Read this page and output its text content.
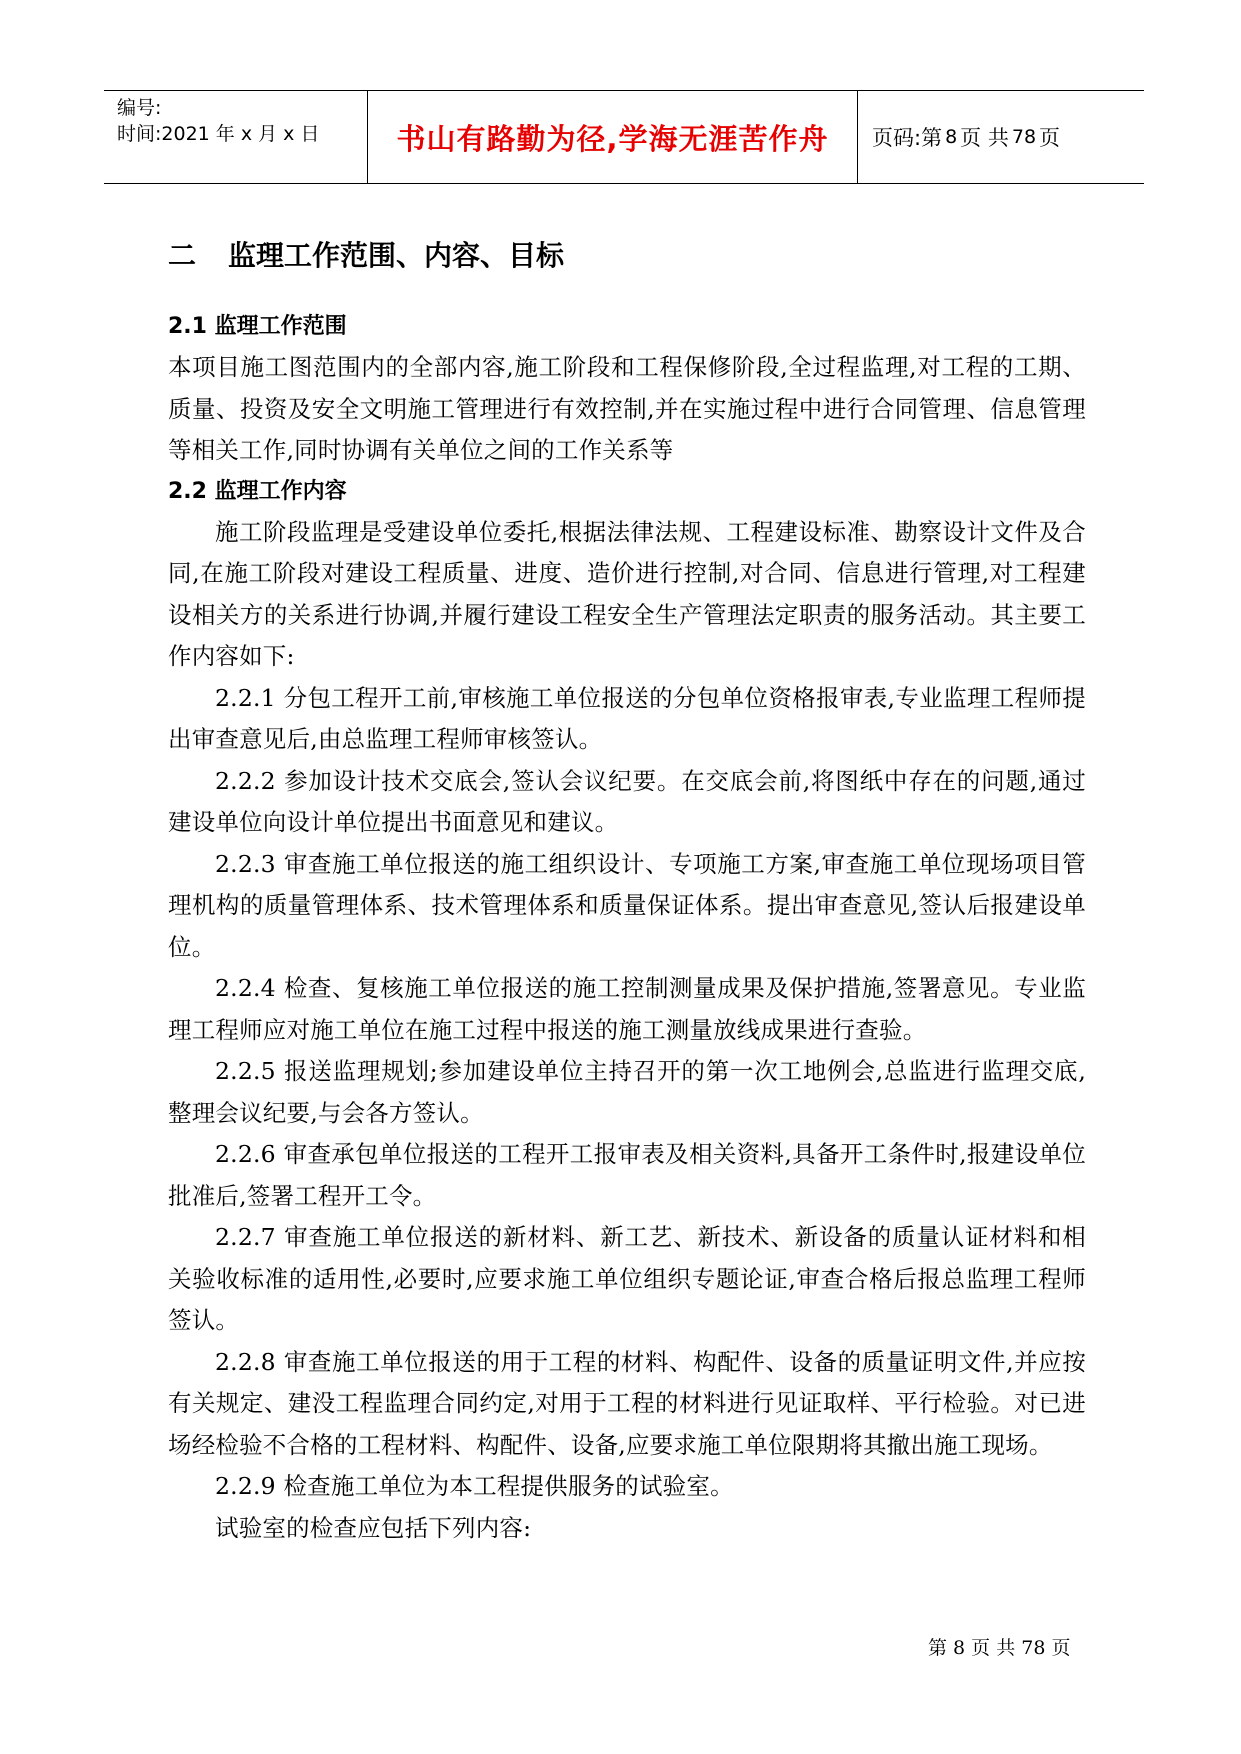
编号:
时间:2021 年 x 月 x 日	书山有路勤为径,学海无涯苦作舟 页码:第 8 页 共 78 页
二 监理工作范围、内容、目标
2.1 监理工作范围

本项目施工图范围内的全部内容,施工阶段和工程保修阶段,全过程监理,对工程的工期、质量、投资及安全文明施工管理进行有效控制,并在实施过程中进行合同管理、信息管理等相关工作,同时协调有关单位之间的工作关系等

2.2 监理工作内容

施工阶段监理是受建设单位委托,根据法律法规、工程建设标准、勘察设计文件及合同,在施工阶段对建设工程质量、进度、造价进行控制,对合同、信息进行管理,对工程建设相关方的关系进行协调,并履行建设工程安全生产管理法定职责的服务活动。其主要工作内容如下:

2.2.1 分包工程开工前,审核施工单位报送的分包单位资格报审表,专业监理工程师提出审查意见后,由总监理工程师审核签认。

2.2.2 参加设计技术交底会,签认会议纪要。在交底会前,将图纸中存在的问题,通过建设单位向设计单位提出书面意见和建议。

2.2.3 审查施工单位报送的施工组织设计、专项施工方案,审查施工单位现场项目管理机构的质量管理体系、技术管理体系和质量保证体系。提出审查意见,签认后报建设单位。

2.2.4 检查、复核施工单位报送的施工控制测量成果及保护措施,签署意见。专业监理工程师应对施工单位在施工过程中报送的施工测量放线成果进行查验。

2.2.5 报送监理规划;参加建设单位主持召开的第一次工地例会,总监进行监理交底,整理会议纪要,与会各方签认。

2.2.6 审查承包单位报送的工程开工报审表及相关资料,具备开工条件时,报建设单位批准后,签署工程开工令。

2.2.7 审查施工单位报送的新材料、新工艺、新技术、新设备的质量认证材料和相关验收标准的适用性,必要时,应要求施工单位组织专题论证,审查合格后报总监理工程师签认。

2.2.8 审查施工单位报送的用于工程的材料、构配件、设备的质量证明文件,并应按有关规定、建没工程监理合同约定,对用于工程的材料进行见证取样、平行检验。对已进场经检验不合格的工程材料、构配件、设备,应要求施工单位限期将其撤出施工现场。

2.2.9 检查施工单位为本工程提供服务的试验室。

试验室的检查应包括下列内容:

第 8 页 共 78 页
